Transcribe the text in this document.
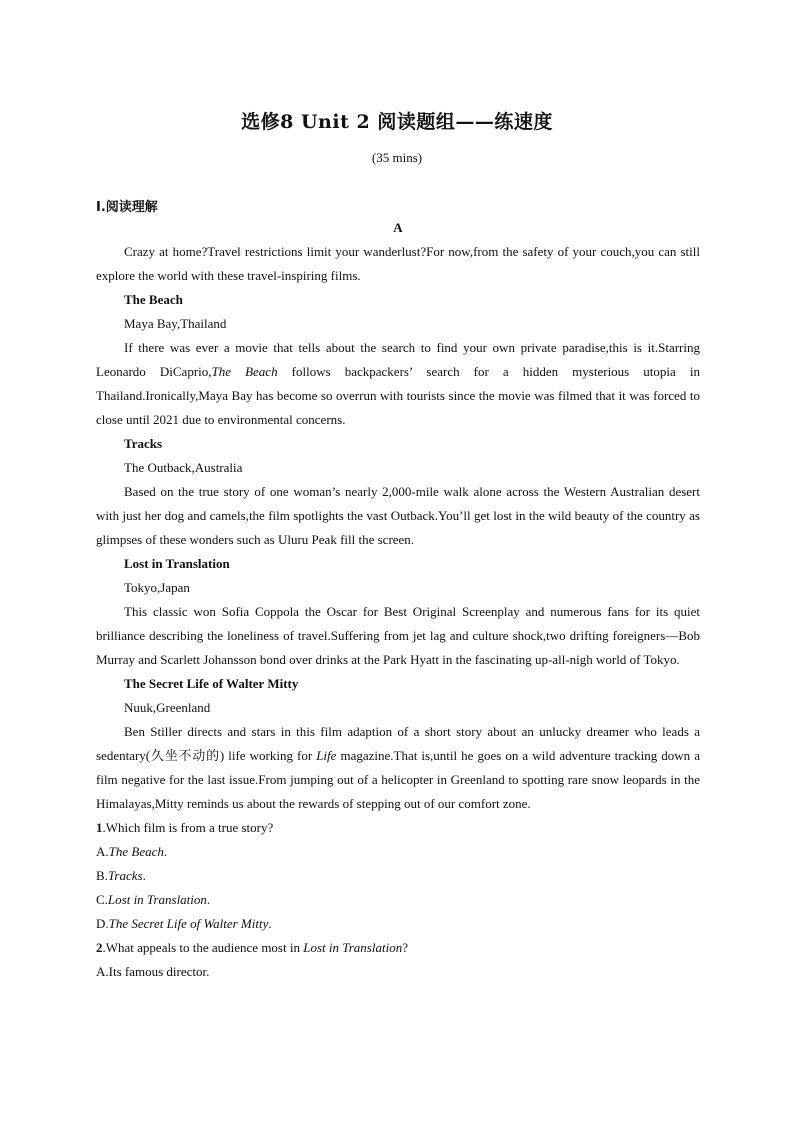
选修8 Unit 2 阅读题组——练速度
(35 mins)
Ⅰ.阅读理解

A

Crazy at home?Travel restrictions limit your wanderlust?For now,from the safety of your couch,you can still explore the world with these travel-inspiring films.

The Beach

Maya Bay,Thailand

If there was ever a movie that tells about the search to find your own private paradise,this is it.Starring Leonardo DiCaprio,The Beach follows backpackers’ search for a hidden mysterious utopia in Thailand.Ironically,Maya Bay has become so overrun with tourists since the movie was filmed that it was forced to close until 2021 due to environmental concerns.

Tracks

The Outback,Australia

Based on the true story of one woman’s nearly 2,000-mile walk alone across the Western Australian desert with just her dog and camels,the film spotlights the vast Outback.You’ll get lost in the wild beauty of the country as glimpses of these wonders such as Uluru Peak fill the screen.

Lost in Translation

Tokyo,Japan

This classic won Sofia Coppola the Oscar for Best Original Screenplay and numerous fans for its quiet brilliance describing the loneliness of travel.Suffering from jet lag and culture shock,two drifting foreigners—Bob Murray and Scarlett Johansson bond over drinks at the Park Hyatt in the fascinating up-all-nigh world of Tokyo.

The Secret Life of Walter Mitty

Nuuk,Greenland

Ben Stiller directs and stars in this film adaption of a short story about an unlucky dreamer who leads a sedentary(久坐不动的) life working for Life magazine.That is,until he goes on a wild adventure tracking down a film negative for the last issue.From jumping out of a helicopter in Greenland to spotting rare snow leopards in the Himalayas,Mitty reminds us about the rewards of stepping out of our comfort zone.

1.Which film is from a true story?

A.The Beach.

B.Tracks.

C.Lost in Translation.

D.The Secret Life of Walter Mitty.

2.What appeals to the audience most in Lost in Translation?

A.Its famous director.
